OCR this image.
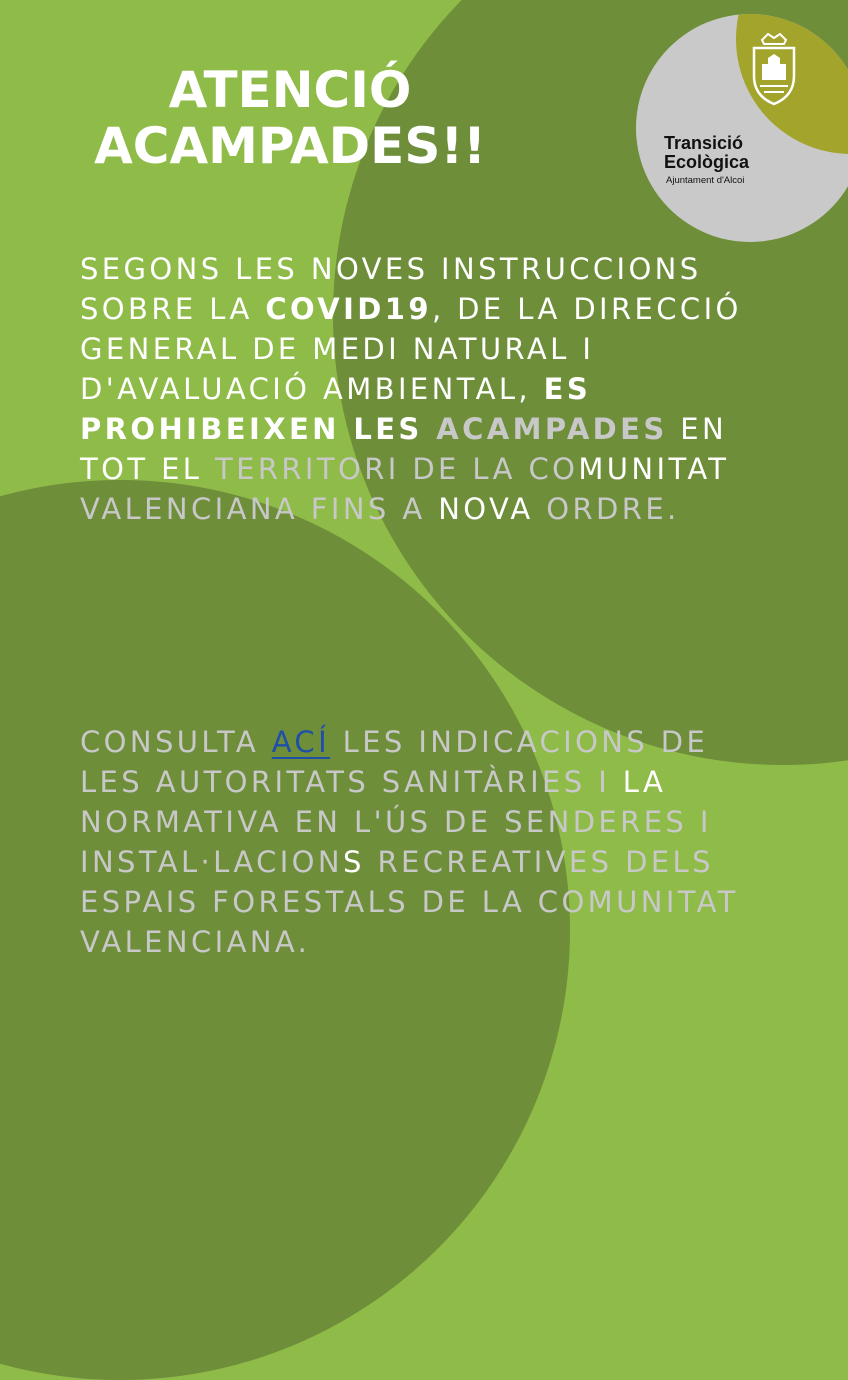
ATENCIÓ
ACAMPADES!!	Transició
Ecològica
Ajuntament d'Alcoi
SEGONS LES NOVES INSTRUCCIONS SOBRE LA COVID19, DE LA DIRECCIÓ GENERAL DE MEDI NATURAL I D'AVALUACIÓ AMBIENTAL, ES PROHIBEIXEN LES ACAMPADES EN TOT EL TERRITORI DE LA COMUNITAT VALENCIANA FINS A NOVA ORDRE.
CONSULTA ACÍ LES INDICACIONS DE LES AUTORITATS SANITÀRIES I LA NORMATIVA EN L'ÚS DE SENDERES I INSTAL·LACIONS RECREATIVES DELS ESPAIS FORESTALS DE LA COMUNITAT VALENCIANA.
